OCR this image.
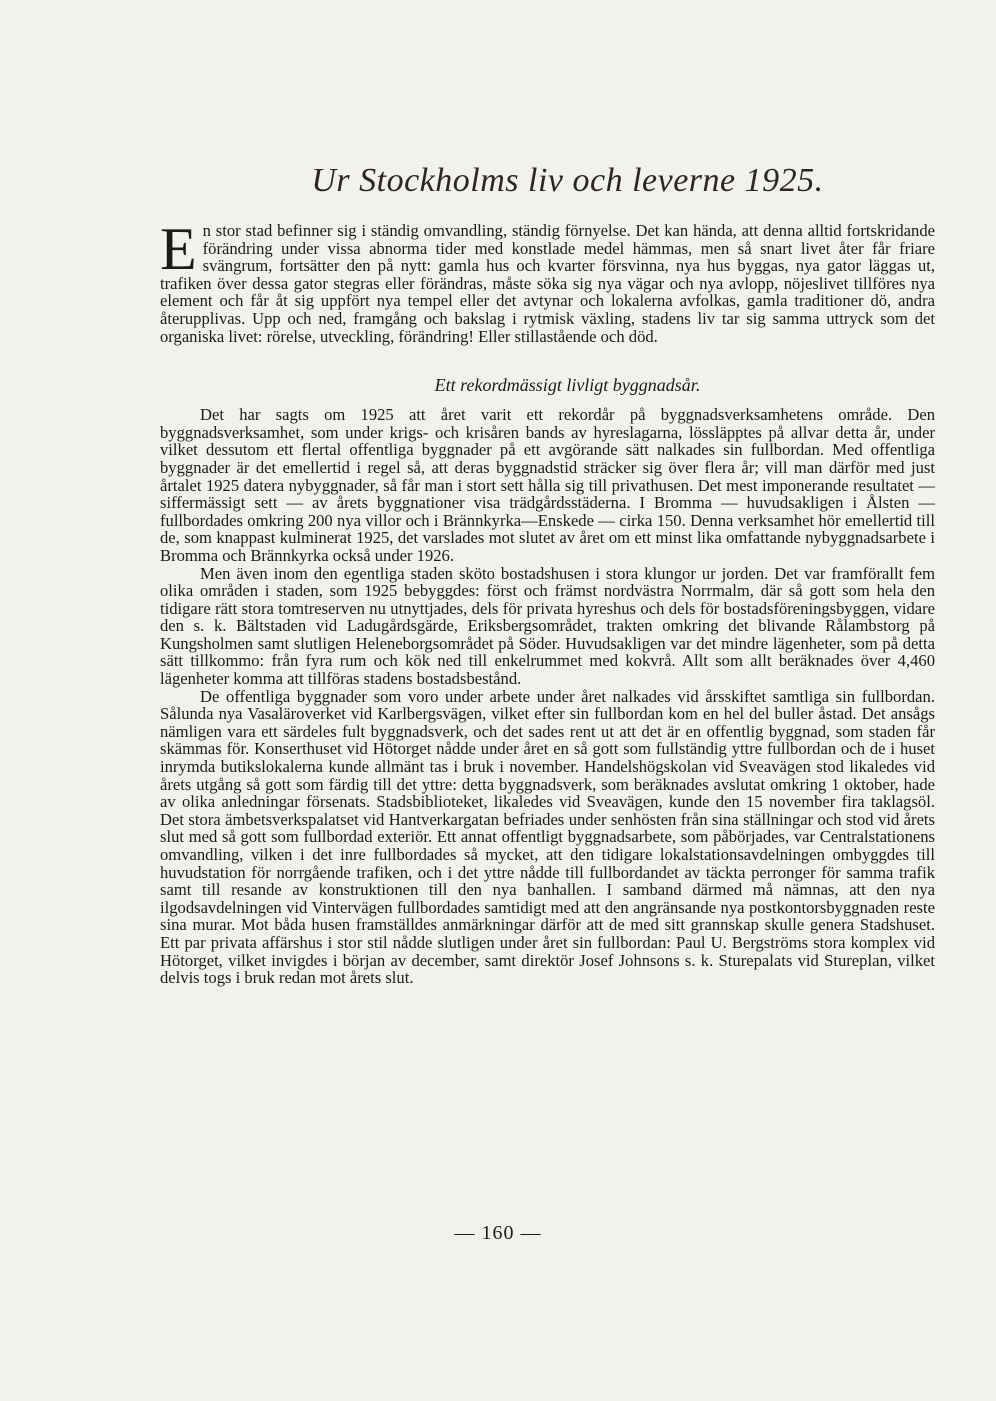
Ur Stockholms liv och leverne 1925.

En stor stad befinner sig i ständig omvandling, ständig förnyelse. Det kan hända, att denna alltid fortskridande förändring under vissa abnorma tider med konstlade medel hämmas, men så snart livet åter får friare svängrum, fortsätter den på nytt: gamla hus och kvarter försvinna, nya hus byggas, nya gator läggas ut, trafiken över dessa gator stegras eller förändras, måste söka sig nya vägar och nya avlopp, nöjeslivet tillföres nya element och får åt sig uppfört nya tempel eller det avtynar och lokalerna avfolkas, gamla traditioner dö, andra återupplivas. Upp och ned, framgång och bakslag i rytmisk växling, stadens liv tar sig samma uttryck som det organiska livet: rörelse, utveckling, förändring! Eller stillastående och död.

Ett rekordmässigt livligt byggnadsår.

Det har sagts om 1925 att året varit ett rekordår på byggnadsverksamhetens område. Den byggnadsverksamhet, som under krigs- och krisåren bands av hyreslagarna, lössläpptes på allvar detta år, under vilket dessutom ett flertal offentliga byggnader på ett avgörande sätt nalkades sin fullbordan. Med offentliga byggnader är det emellertid i regel så, att deras byggnadstid sträcker sig över flera år; vill man därför med just årtalet 1925 datera nybyggnader, så får man i stort sett hålla sig till privathusen. Det mest imponerande resultatet — siffermässigt sett — av årets byggnationer visa trädgårdsstäderna. I Bromma — huvudsakligen i Ålsten — fullbordades omkring 200 nya villor och i Brännkyrka—Enskede — cirka 150. Denna verksamhet hör emellertid till de, som knappast kulminerat 1925, det varslades mot slutet av året om ett minst lika omfattande nybyggnadsarbete i Bromma och Brännkyrka också under 1926.

Men även inom den egentliga staden sköto bostadshusen i stora klungor ur jorden. Det var framförallt fem olika områden i staden, som 1925 bebyggdes: först och främst nordvästra Norrmalm, där så gott som hela den tidigare rätt stora tomtreserven nu utnyttjades, dels för privata hyreshus och dels för bostadsföreningsbyggen, vidare den s. k. Bältstaden vid Ladugårdsgärde, Eriksbergsområdet, trakten omkring det blivande Rålambstorg på Kungsholmen samt slutligen Heleneborgsområdet på Söder. Huvudsakligen var det mindre lägenheter, som på detta sätt tillkommo: från fyra rum och kök ned till enkelrummet med kokvrå. Allt som allt beräknades över 4,460 lägenheter komma att tillföras stadens bostadsbestånd.

De offentliga byggnader som voro under arbete under året nalkades vid årsskiftet samtliga sin fullbordan. Sålunda nya Vasaläroverket vid Karlbergsvägen, vilket efter sin fullbordan kom en hel del buller åstad. Det ansågs nämligen vara ett särdeles fult byggnadsverk, och det sades rent ut att det är en offentlig byggnad, som staden får skämmas för. Konserthuset vid Hötorget nådde under året en så gott som fullständig yttre fullbordan och de i huset inrymda butikslokalerna kunde allmänt tas i bruk i november. Handelshögskolan vid Sveavägen stod likaledes vid årets utgång så gott som färdig till det yttre: detta byggnadsverk, som beräknades avslutat omkring 1 oktober, hade av olika anledningar försenats. Stadsbiblioteket, likaledes vid Sveavägen, kunde den 15 november fira taklagsöl. Det stora ämbetsverkspalatset vid Hantverkargatan befriades under senhösten från sina ställningar och stod vid årets slut med så gott som fullbordad exteriör. Ett annat offentligt byggnadsarbete, som påbörjades, var Centralstationens omvandling, vilken i det inre fullbordades så mycket, att den tidigare lokalstationsavdelningen ombyggdes till huvudstation för norrgående trafiken, och i det yttre nådde till fullbordandet av täckta perronger för samma trafik samt till resande av konstruktionen till den nya banhallen. I samband därmed må nämnas, att den nya ilgodsavdelningen vid Vintervägen fullbordades samtidigt med att den angränsande nya postkontorsbyggnaden reste sina murar. Mot båda husen framställdes anmärkningar därför att de med sitt grannskap skulle genera Stadshuset. Ett par privata affärshus i stor stil nådde slutligen under året sin fullbordan: Paul U. Bergströms stora komplex vid Hötorget, vilket invigdes i början av december, samt direktör Josef Johnsons s. k. Sturepalats vid Stureplan, vilket delvis togs i bruk redan mot årets slut.

— 160 —
